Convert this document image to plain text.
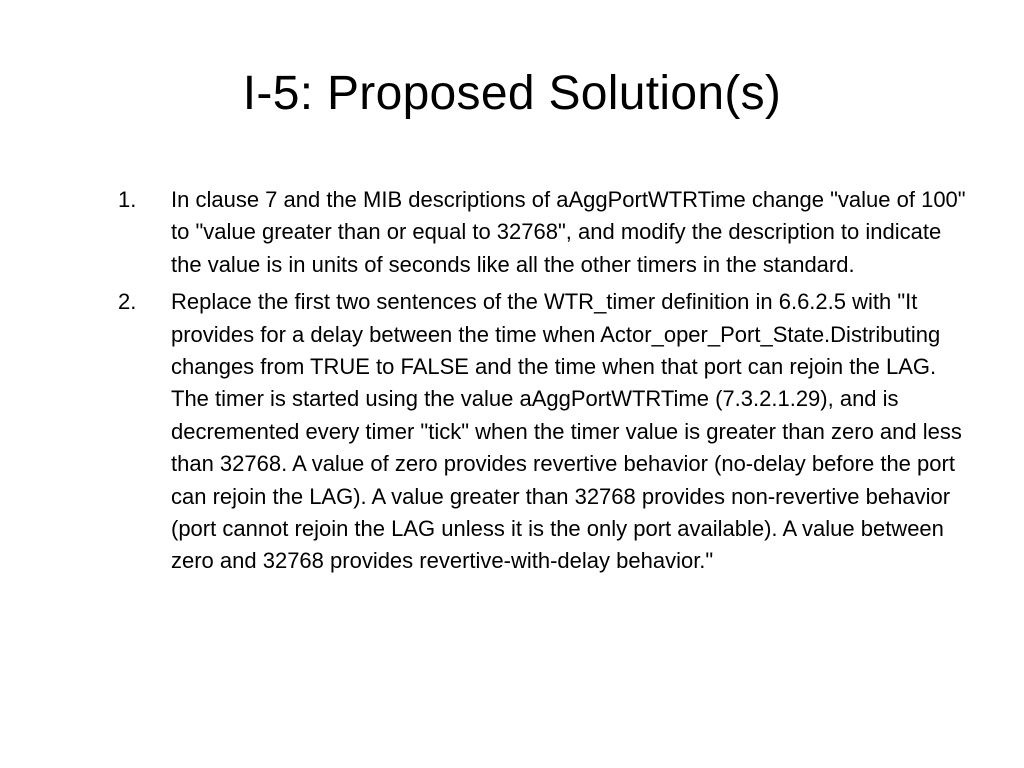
I-5: Proposed Solution(s)
1. In clause 7 and the MIB descriptions of aAggPortWTRTime change "value of 100" to "value greater than or equal to 32768", and modify the description to indicate the value is in units of seconds like all the other timers in the standard.
2. Replace the first two sentences of the WTR_timer definition in 6.6.2.5 with "It provides for a delay between the time when Actor_oper_Port_State.Distributing changes from TRUE to FALSE and the time when that port can rejoin the LAG. The timer is started using the value aAggPortWTRTime (7.3.2.1.29), and is decremented every timer "tick" when the timer value is greater than zero and less than 32768. A value of zero provides revertive behavior (no-delay before the port can rejoin the LAG). A value greater than 32768 provides non-revertive behavior (port cannot rejoin the LAG unless it is the only port available). A value between zero and 32768 provides revertive-with-delay behavior."
